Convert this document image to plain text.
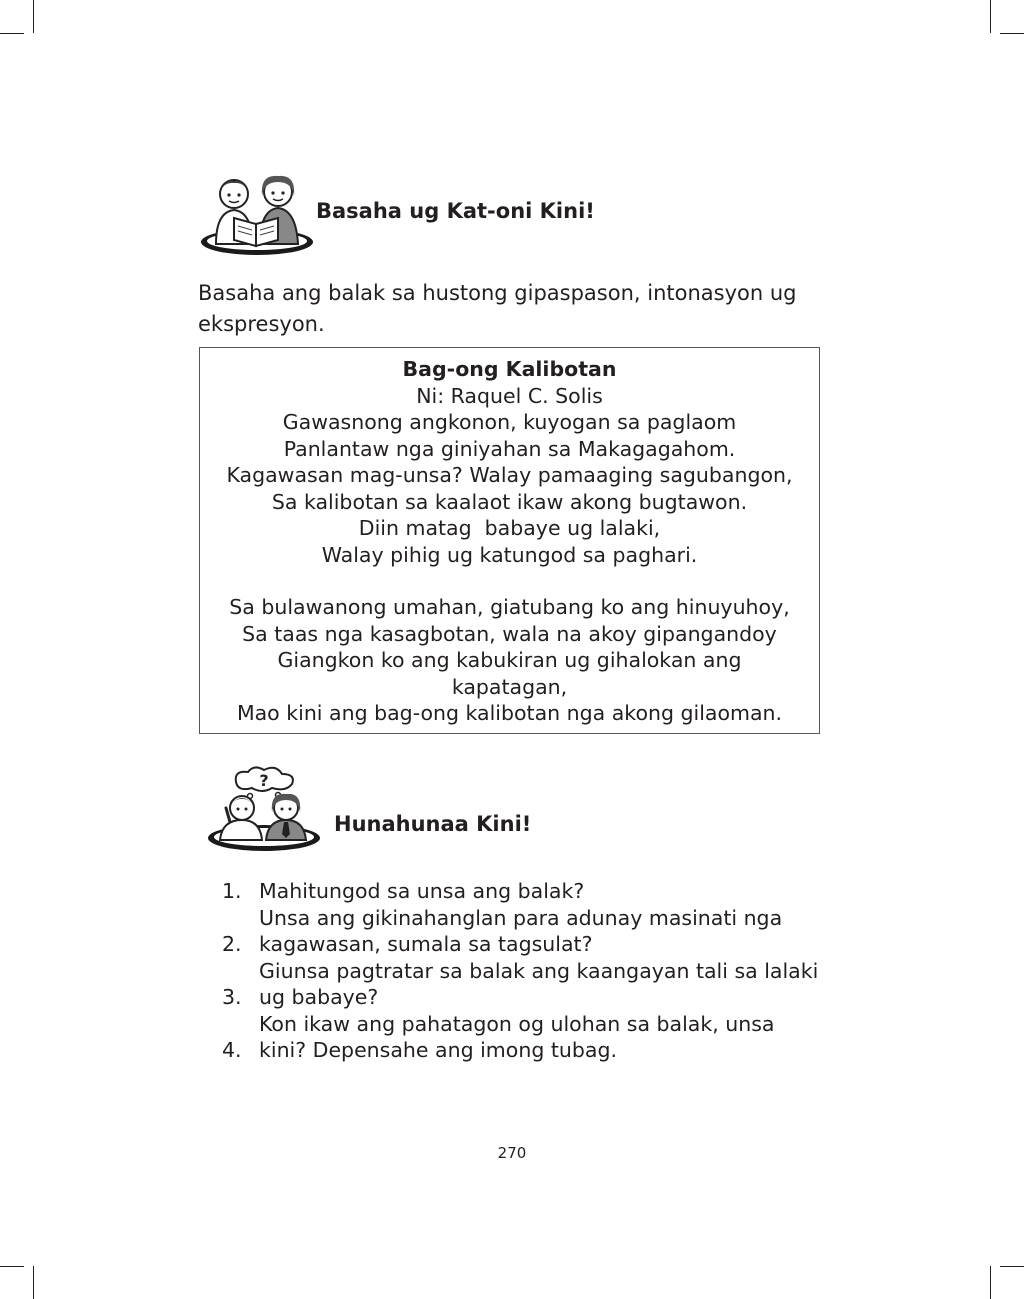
Basaha ug Kat-oni Kini!
Basaha ang balak sa hustong gipaspason, intonasyon ug
ekspresyon.
Bag-ong Kalibotan
Ni: Raquel C. Solis
Gawasnong angkonon, kuyogan sa paglaom
Panlantaw nga giniyahan sa Makagagahom.
Kagawasan mag-unsa? Walay pamaaging sagubangon,
Sa kalibotan sa kaalaot ikaw akong bugtawon.
Diin matag  babaye ug lalaki,
Walay pihig ug katungod sa paghari.
Sa bulawanong umahan, giatubang ko ang hinuyuhoy,
Sa taas nga kasagbotan, wala na akoy gipangandoy
Giangkon ko ang kabukiran ug gihalokan ang
kapatagan,
Mao kini ang bag-ong kalibotan nga akong gilaoman.
?
Hunahunaa Kini!
1. Mahitungod sa unsa ang balak?
Unsa ang gikinahanglan para adunay masinati nga
2. kagawasan, sumala sa tagsulat?
Giunsa pagtratar sa balak ang kaangayan tali sa lalaki
3. ug babaye?
Kon ikaw ang pahatagon og ulohan sa balak, unsa
4. kini? Depensahe ang imong tubag.
270
